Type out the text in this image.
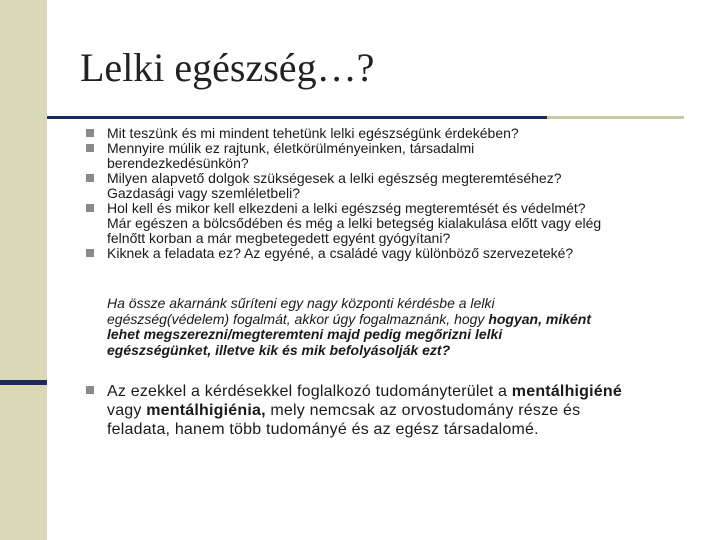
Lelki egészség…?
Mit teszünk és mi mindent tehetünk lelki egészségünk érdekében?
Mennyire múlik ez rajtunk, életkörülményeinken, társadalmi
berendezkedésünkön?
Milyen alapvető dolgok szükségesek a lelki egészség megteremtéséhez?
Gazdasági vagy szemléletbeli?
Hol kell és mikor kell elkezdeni a lelki egészség megteremtését és védelmét?
Már egészen a bölcsődében és még a lelki betegség kialakulása előtt vagy elég
felnőtt korban a már megbetegedett egyént gyógyítani?
Kiknek a feladata ez? Az egyéné, a családé vagy különböző szervezeteké?
Ha össze akarnánk sűríteni egy nagy központi kérdésbe a lelki
egészség(védelem) fogalmát, akkor úgy fogalmaznánk, hogy hogyan, miként
lehet megszerezni/megteremteni majd pedig megőrizni lelki
egészségünket, illetve kik és mik befolyásolják ezt?
Az ezekkel a kérdésekkel foglalkozó tudományterület a mentálhigiéné
vagy mentálhigiénia, mely nemcsak az orvostudomány része és
feladata, hanem több tudományé és az egész társadalomé.
